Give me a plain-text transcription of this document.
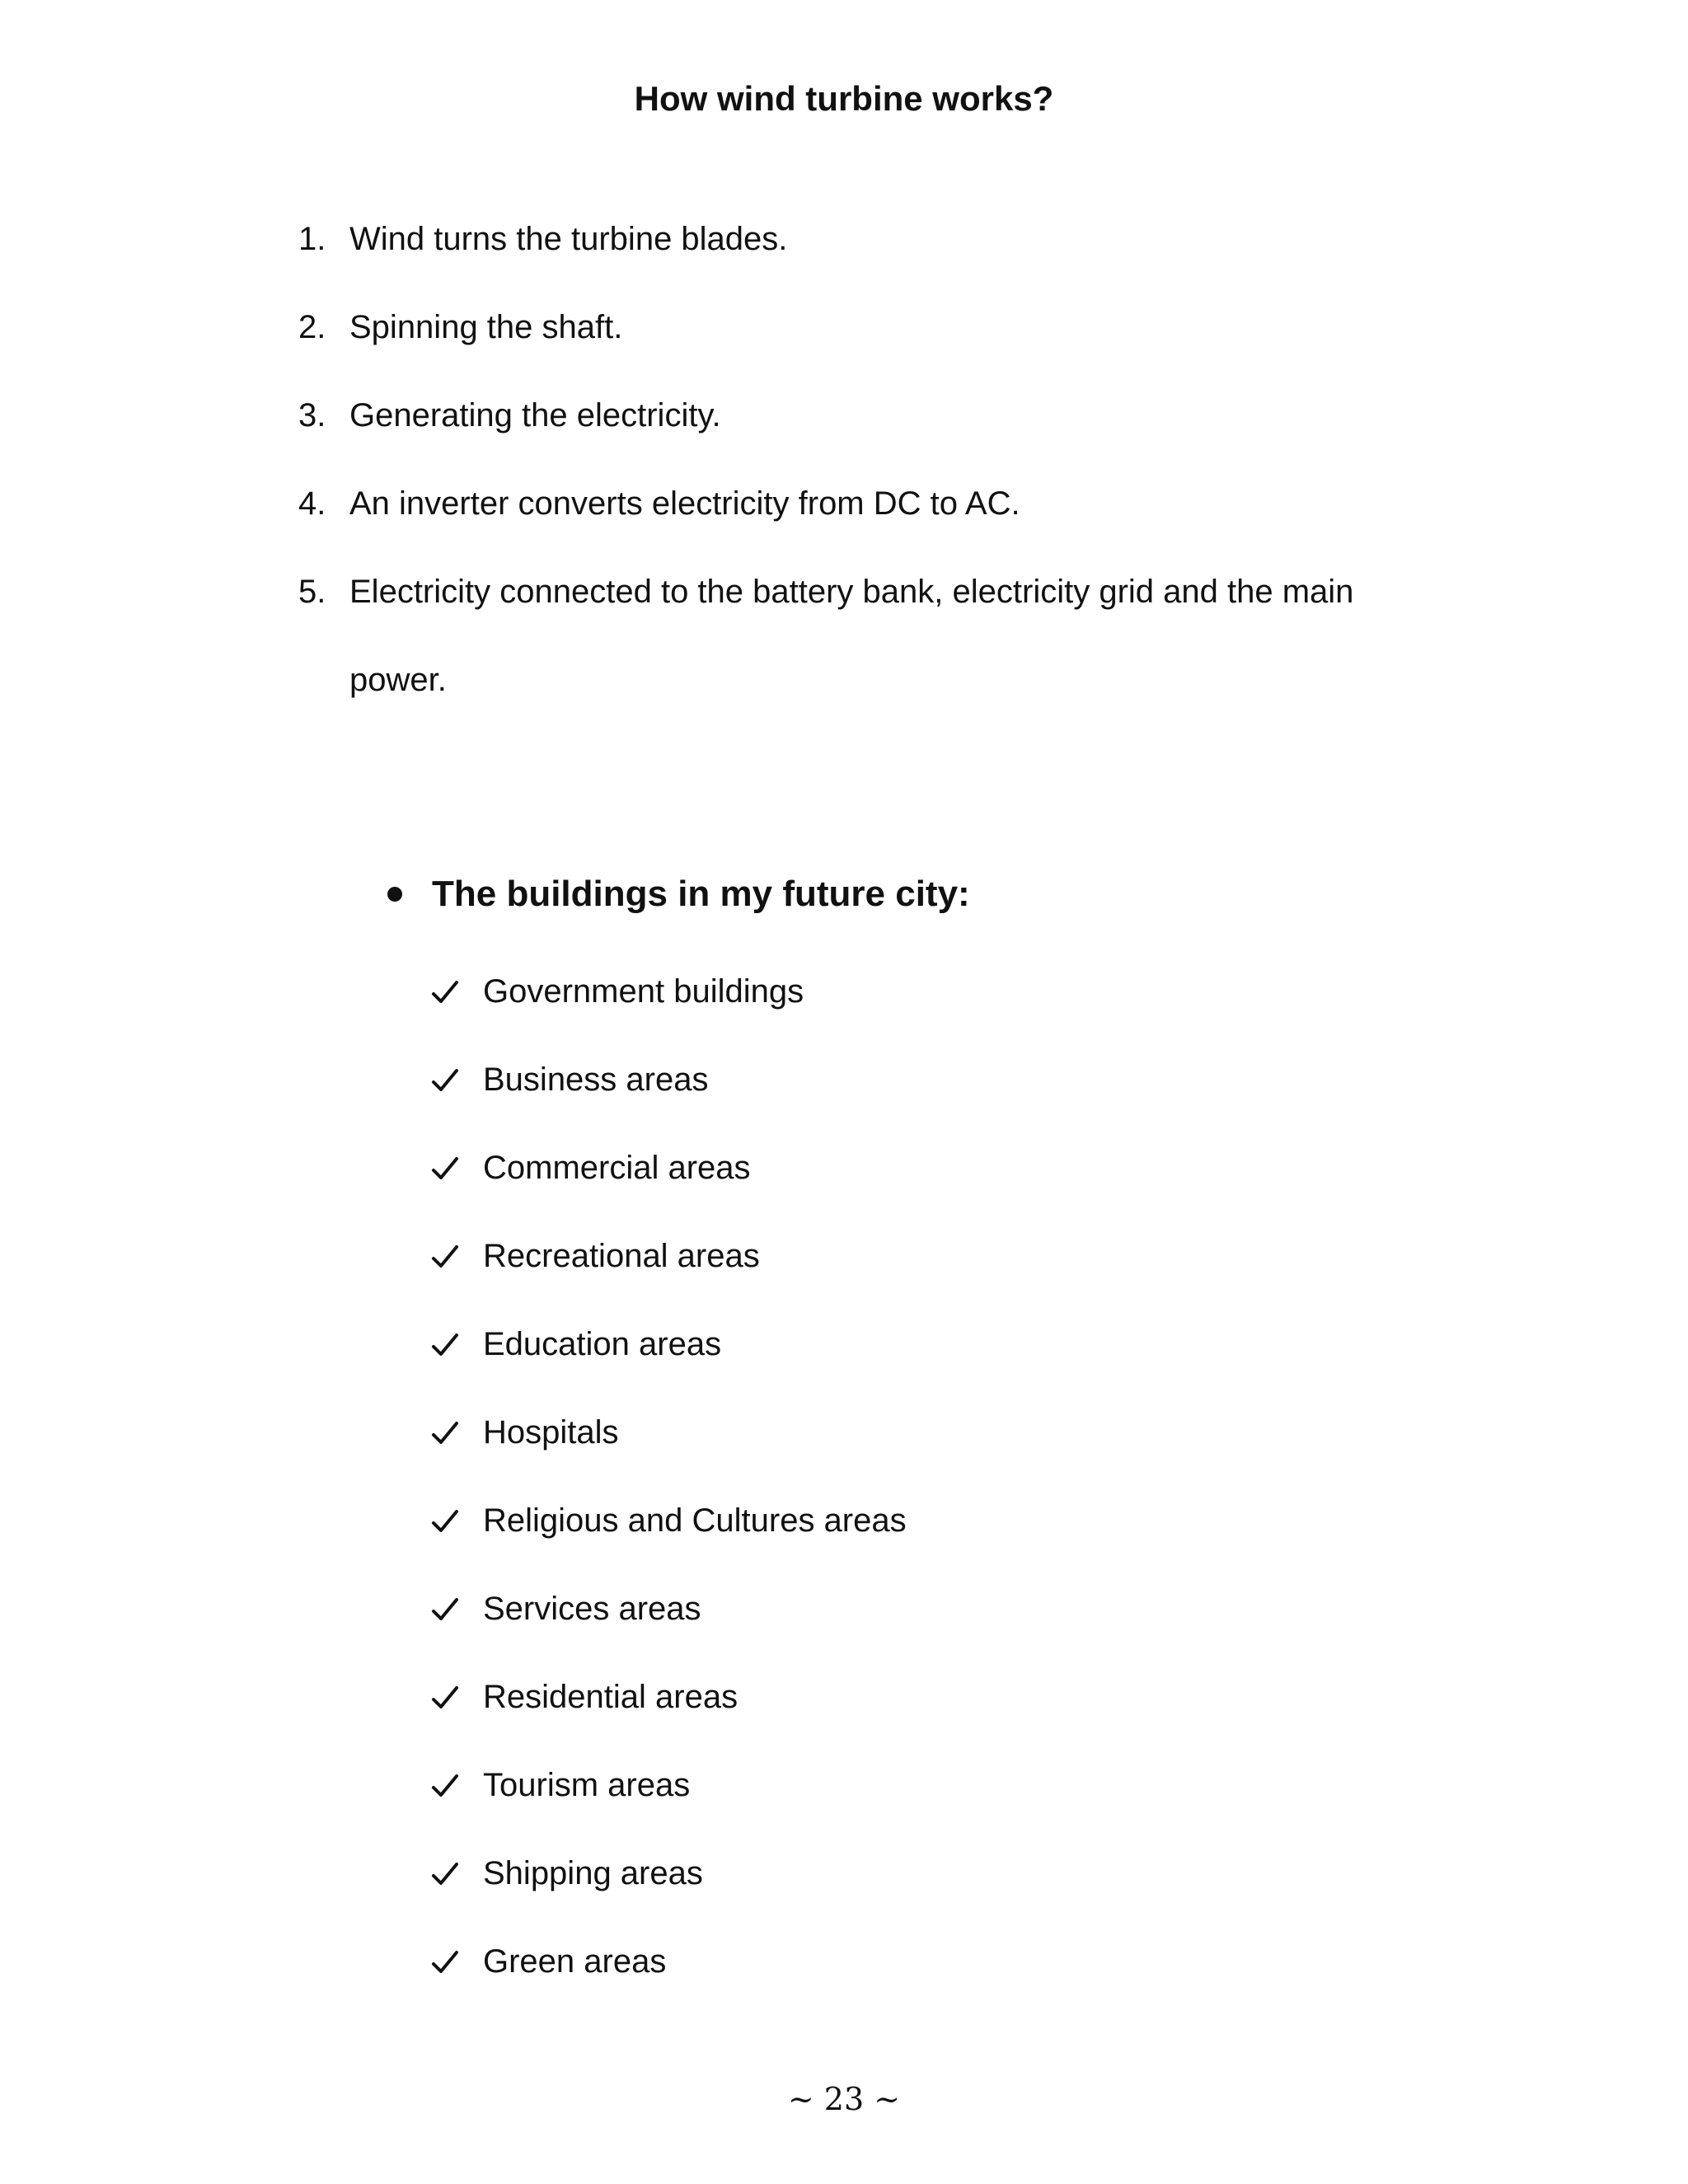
How wind turbine works?
1. Wind turns the turbine blades.
2. Spinning the shaft.
3. Generating the electricity.
4. An inverter converts electricity from DC to AC.
5. Electricity connected to the battery bank, electricity grid and the main power.
The buildings in my future city:
Government buildings
Business areas
Commercial areas
Recreational areas
Education areas
Hospitals
Religious and Cultures areas
Services areas
Residential areas
Tourism areas
Shipping areas
Green areas
~ 23 ~
